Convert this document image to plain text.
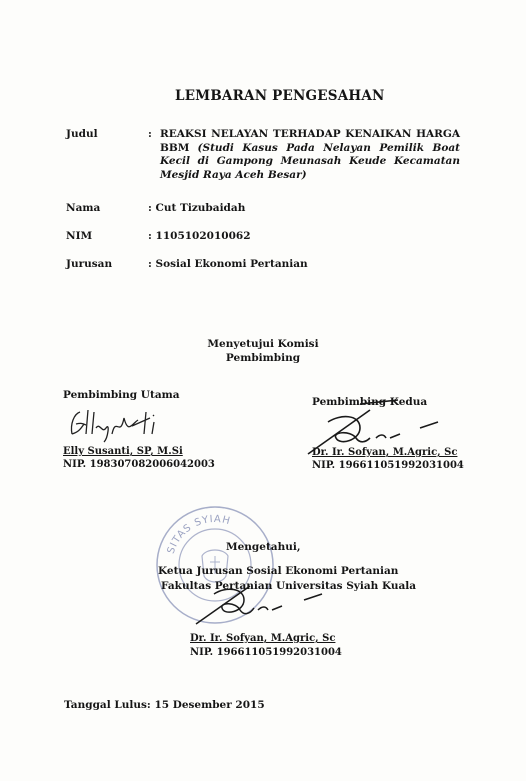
LEMBARAN PENGESAHAN
Judul	: REAKSI NELAYAN TERHADAP KENAIKAN HARGA BBM (Studi Kasus Pada Nelayan Pemilik Boat Kecil di Gampong Meunasah Keude Kecamatan Mesjid Raya Aceh Besar)
Nama	: Cut Tizubaidah
NIM	: 1105102010062
Jurusan	: Sosial Ekonomi Pertanian
Menyetujui Komisi
Pembimbing
Pembimbing Utama
Elly Susanti, SP, M.Si
NIP. 198307082006042003
Pembimbing Kedua
Dr. Ir. Sofyan, M.Agric, Sc
NIP. 196611051992031004
SITAS SYIAH
Mengetahui,
Ketua Jurusan Sosial Ekonomi Pertanian
Fakultas Pertanian Universitas Syiah Kuala
Dr. Ir. Sofyan, M.Agric, Sc
NIP. 196611051992031004
Tanggal Lulus: 15 Desember 2015
